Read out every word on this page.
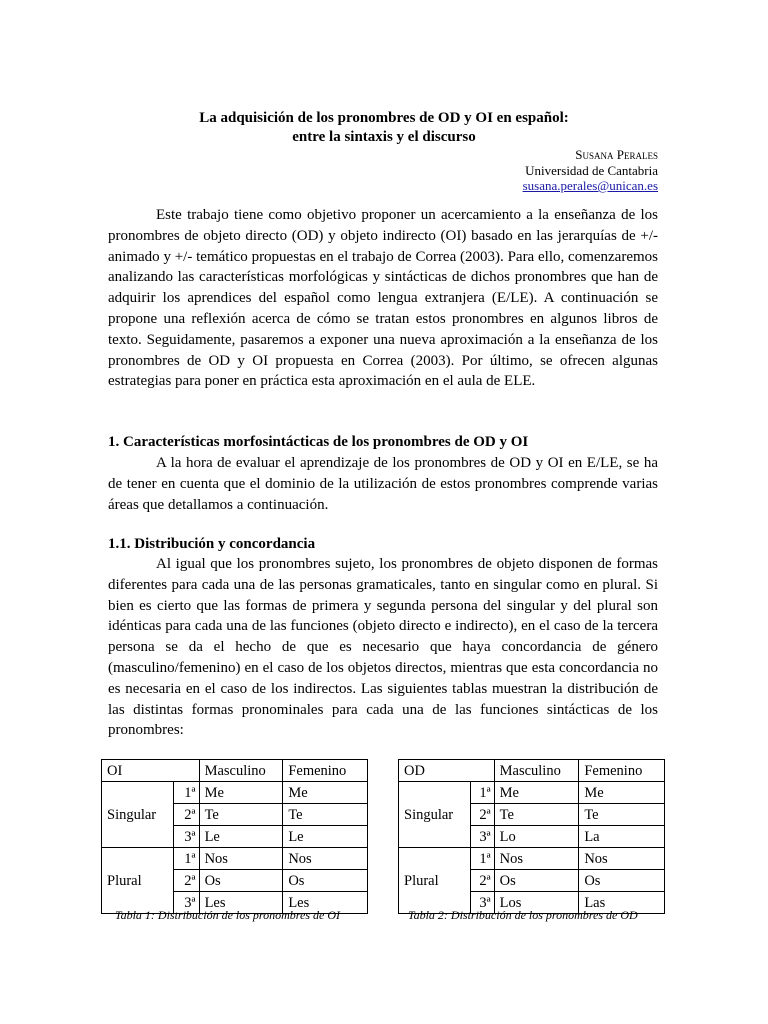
La adquisición de los pronombres de OD y OI en español:
entre la sintaxis y el discurso
Susana Perales
Universidad de Cantabria
susana.perales@unican.es

Este trabajo tiene como objetivo proponer un acercamiento a la enseñanza de los pronombres de objeto directo (OD) y objeto indirecto (OI) basado en las jerarquías de +/- animado y +/- temático propuestas en el trabajo de Correa (2003). Para ello, comenzaremos analizando las características morfológicas y sintácticas de dichos pronombres que han de adquirir los aprendices del español como lengua extranjera (E/LE). A continuación se propone una reflexión acerca de cómo se tratan estos pronombres en algunos libros de texto. Seguidamente, pasaremos a exponer una nueva aproximación a la enseñanza de los pronombres de OD y OI propuesta en Correa (2003). Por último, se ofrecen algunas estrategias para poner en práctica esta aproximación en el aula de ELE.

1. Características morfosintácticas de los pronombres de OD y OI

A la hora de evaluar el aprendizaje de los pronombres de OD y OI en E/LE, se ha de tener en cuenta que el dominio de la utilización de estos pronombres comprende varias áreas que detallamos a continuación.

1.1. Distribución y concordancia

Al igual que los pronombres sujeto, los pronombres de objeto disponen de formas diferentes para cada una de las personas gramaticales, tanto en singular como en plural. Si bien es cierto que las formas de primera y segunda persona del singular y del plural son idénticas para cada una de las funciones (objeto directo e indirecto), en el caso de la tercera persona se da el hecho de que es necesario que haya concordancia de género (masculino/femenino) en el caso de los objetos directos, mientras que esta concordancia no es necesaria en el caso de los indirectos. Las siguientes tablas muestran la distribución de las distintas formas pronominales para cada una de las funciones sintácticas de los pronombres:

OI		Masculino	Femenino
Singular	1ª	Me	Me
	2ª	Te	Te
	3ª	Le	Le
Plural	1ª	Nos	Nos
	2ª	Os	Os
	3ª	Les	Les
Tabla 1: Distribución de los pronombres de OI
OD		Masculino	Femenino
Singular	1ª	Me	Me
	2ª	Te	Te
	3ª	Lo	La
Plural	1ª	Nos	Nos
	2ª	Os	Os
	3ª	Los	Las
Tabla 2: Distribución de los pronombres de OD
